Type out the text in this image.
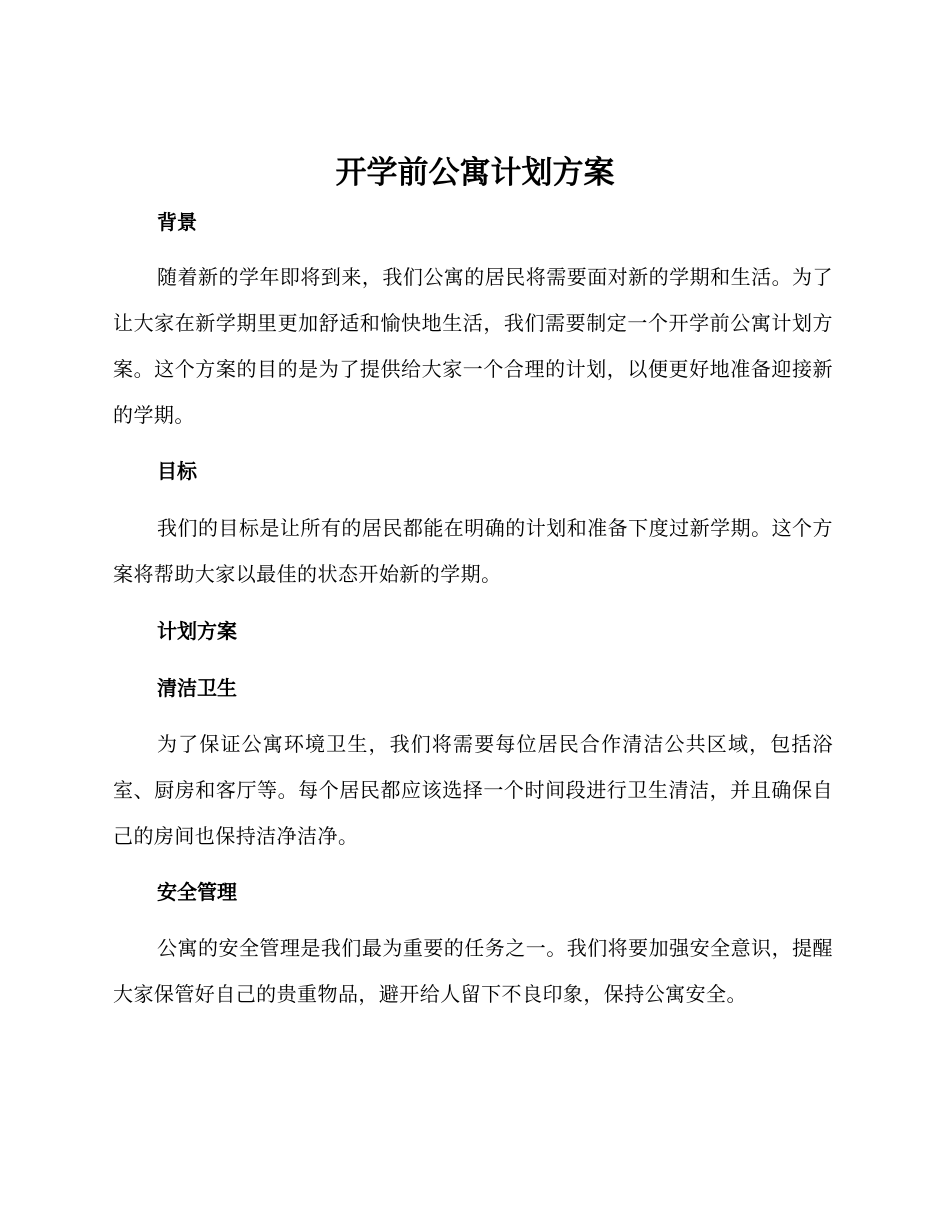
开学前公寓计划方案
背景
随着新的学年即将到来，我们公寓的居民将需要面对新的学期和生活。为了让大家在新学期里更加舒适和愉快地生活，我们需要制定一个开学前公寓计划方案。这个方案的目的是为了提供给大家一个合理的计划，以便更好地准备迎接新的学期。
目标
我们的目标是让所有的居民都能在明确的计划和准备下度过新学期。这个方案将帮助大家以最佳的状态开始新的学期。
计划方案
清洁卫生
为了保证公寓环境卫生，我们将需要每位居民合作清洁公共区域，包括浴室、厨房和客厅等。每个居民都应该选择一个时间段进行卫生清洁，并且确保自己的房间也保持洁净洁净。
安全管理
公寓的安全管理是我们最为重要的任务之一。我们将要加强安全意识，提醒大家保管好自己的贵重物品，避开给人留下不良印象，保持公寓安全。
